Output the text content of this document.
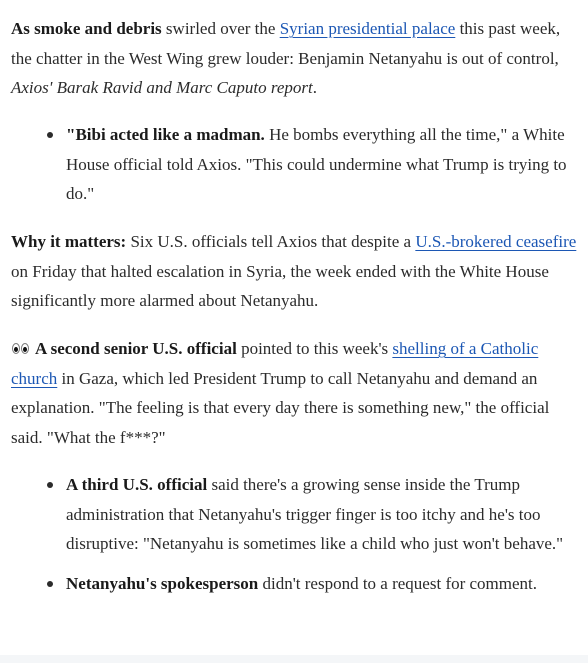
As smoke and debris swirled over the Syrian presidential palace this past week, the chatter in the West Wing grew louder: Benjamin Netanyahu is out of control, Axios' Barak Ravid and Marc Caputo report.

"Bibi acted like a madman. He bombs everything all the time," a White House official told Axios. "This could undermine what Trump is trying to do."

Why it matters: Six U.S. officials tell Axios that despite a U.S.-brokered ceasefire on Friday that halted escalation in Syria, the week ended with the White House significantly more alarmed about Netanyahu.

A second senior U.S. official pointed to this week's shelling of a Catholic church in Gaza, which led President Trump to call Netanyahu and demand an explanation. "The feeling is that every day there is something new," the official said. "What the f***?"

A third U.S. official said there's a growing sense inside the Trump administration that Netanyahu's trigger finger is too itchy and he's too disruptive: "Netanyahu is sometimes like a child who just won't behave."
Netanyahu's spokesperson didn't respond to a request for comment.
